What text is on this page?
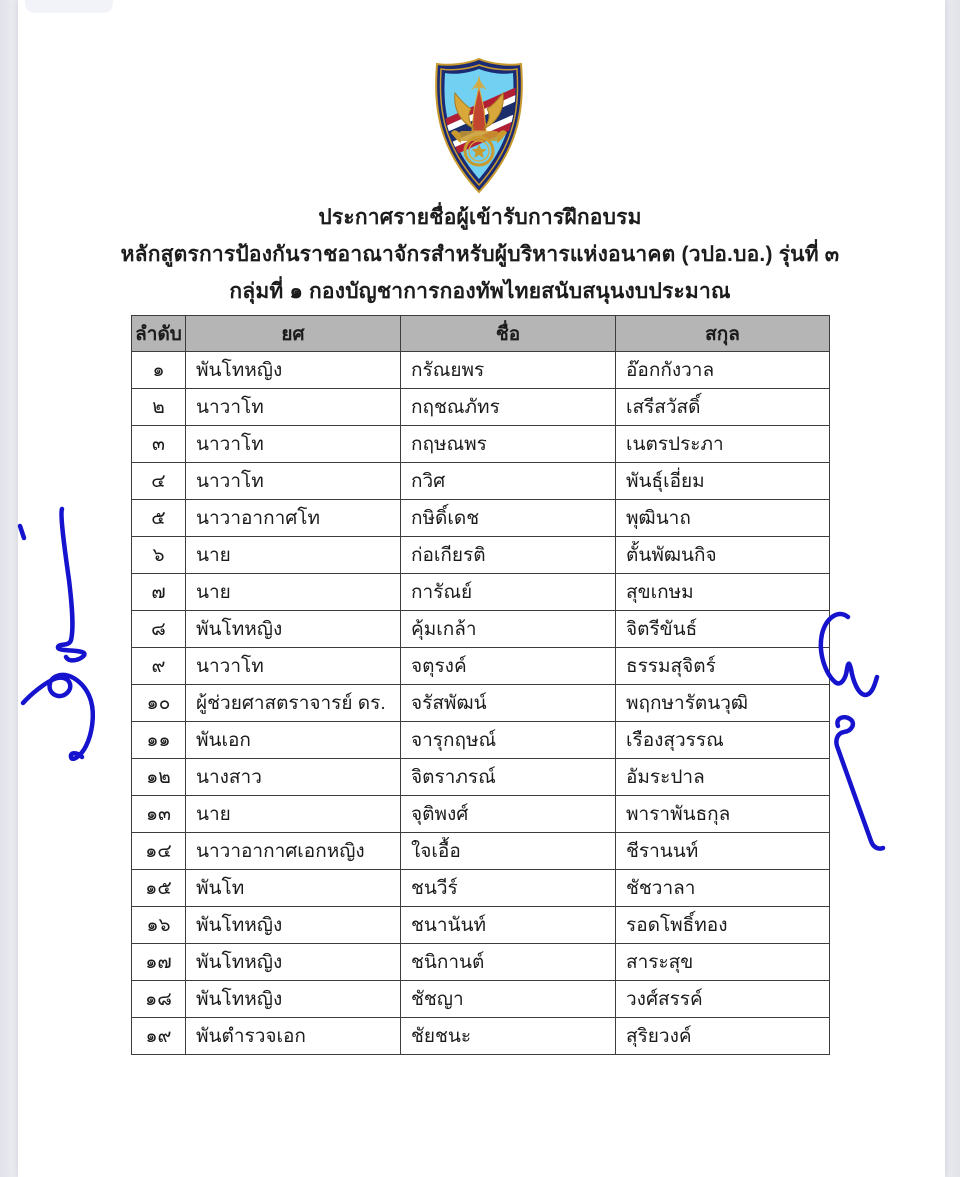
ประกาศรายชื่อผู้เข้ารับการฝึกอบรม
หลักสูตรการป้องกันราชอาณาจักรสำหรับผู้บริหารแห่งอนาคต (วปอ.บอ.) รุ่นที่ ๓
กลุ่มที่ ๑ กองบัญชาการกองทัพไทยสนับสนุนงบประมาณ
ลำดับ	ยศ	ชื่อ	สกุล
๑	พันโทหญิง	กรัณยพร	อ๊อกกังวาล
๒	นาวาโท	กฤชณภัทร	เสรีสวัสดิ์
๓	นาวาโท	กฤษณพร	เนตรประภา
๔	นาวาโท	กวิศ	พันธุ์เอี่ยม
๕	นาวาอากาศโท	กษิดิ์เดช	พุฒินาถ
๖	นาย	ก่อเกียรติ	ตั้นพัฒนกิจ
๗	นาย	การัณย์	สุขเกษม
๘	พันโทหญิง	คุ้มเกล้า	จิตรีขันธ์
๙	นาวาโท	จตุรงค์	ธรรมสุจิตร์
๑๐	ผู้ช่วยศาสตราจารย์ ดร.	จรัสพัฒน์	พฤกษารัตนวุฒิ
๑๑	พันเอก	จารุกฤษณ์	เรืองสุวรรณ
๑๒	นางสาว	จิตราภรณ์	อัมระปาล
๑๓	นาย	จุติพงศ์	พาราพันธกุล
๑๔	นาวาอากาศเอกหญิง	ใจเอื้อ	ชีรานนท์
๑๕	พันโท	ชนวีร์	ชัชวาลา
๑๖	พันโทหญิง	ชนานันท์	รอดโพธิ์ทอง
๑๗	พันโทหญิง	ชนิกานต์	สาระสุข
๑๘	พันโทหญิง	ชัชญา	วงศ์สรรค์
๑๙	พันตำรวจเอก	ชัยชนะ	สุริยวงค์
